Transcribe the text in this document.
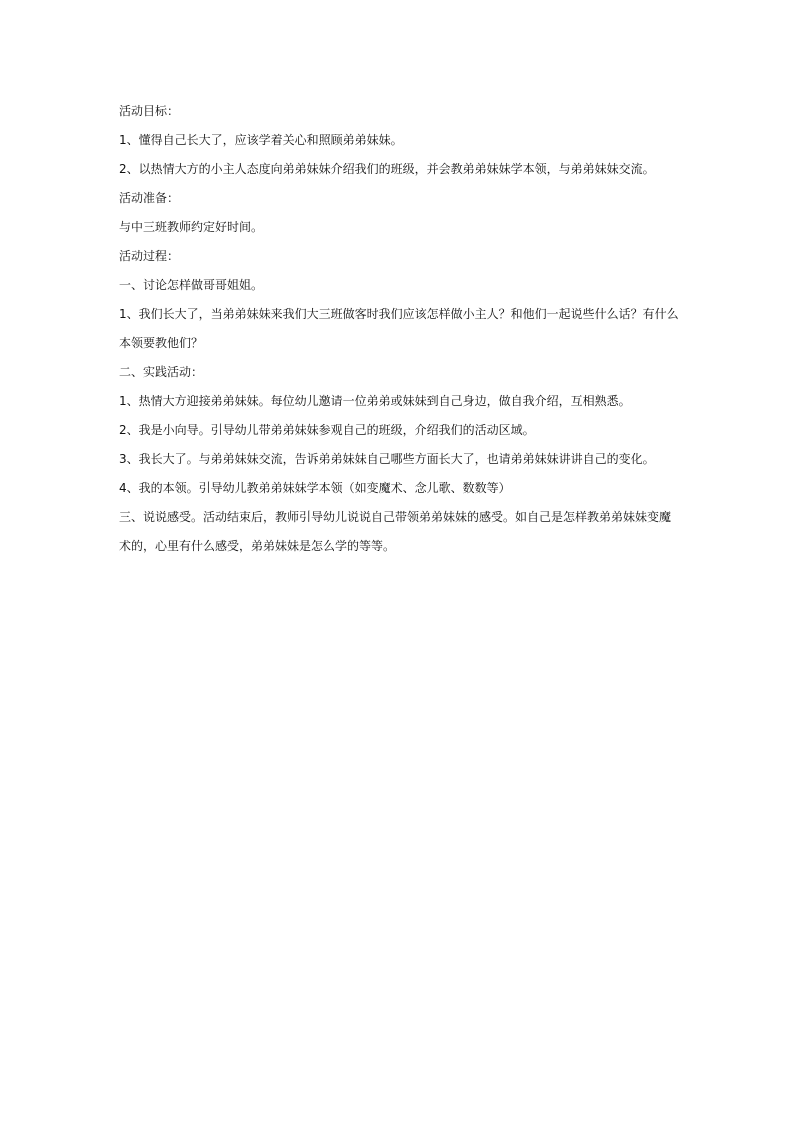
活动目标：
1、懂得自己长大了，应该学着关心和照顾弟弟妹妹。
2、以热情大方的小主人态度向弟弟妹妹介绍我们的班级，并会教弟弟妹妹学本领，与弟弟妹妹交流。
活动准备：
与中三班教师约定好时间。
活动过程：
一、讨论怎样做哥哥姐姐。
1、我们长大了，当弟弟妹妹来我们大三班做客时我们应该怎样做小主人？和他们一起说些什么话？有什么
本领要教他们？
二、实践活动：
1、热情大方迎接弟弟妹妹。每位幼儿邀请一位弟弟或妹妹到自己身边，做自我介绍，互相熟悉。
2、我是小向导。引导幼儿带弟弟妹妹参观自己的班级，介绍我们的活动区域。
3、我长大了。与弟弟妹妹交流，告诉弟弟妹妹自己哪些方面长大了，也请弟弟妹妹讲讲自己的变化。
4、我的本领。引导幼儿教弟弟妹妹学本领（如变魔术、念儿歌、数数等）
三、说说感受。活动结束后，教师引导幼儿说说自己带领弟弟妹妹的感受。如自己是怎样教弟弟妹妹变魔
术的，心里有什么感受，弟弟妹妹是怎么学的等等。
